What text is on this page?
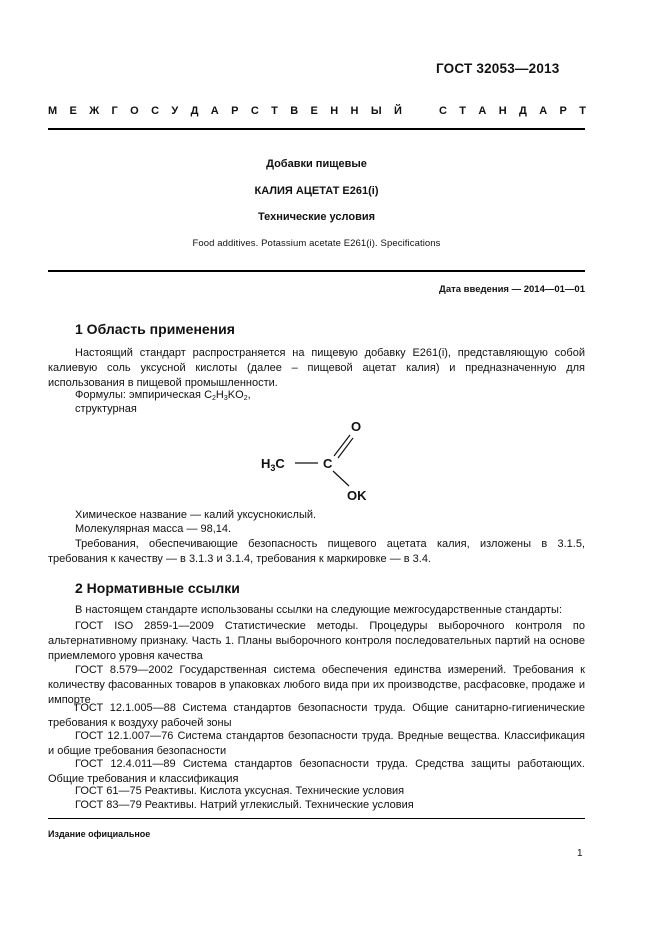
ГОСТ 32053—2013
М Е Ж Г О С У Д А Р С Т В Е Н Н Ы Й	С Т А Н Д А Р Т
Добавки пищевые
КАЛИЯ АЦЕТАТ E261(i)
Технические условия
Food additives. Potassium acetate E261(i). Specifications
Дата введения — 2014—01—01
1 Область применения
Настоящий стандарт распространяется на пищевую добавку E261(i), представляющую собой калиевую соль уксусной кислоты (далее – пищевой ацетат калия) и предназначенную для использования в пищевой промышленности.
Формулы: эмпирическая $C_2H_3KO_2$,
структурная
$H_3C$	C
O
OK
Химическое название — калий уксуснокислый.
Молекулярная масса — 98,14.
Требования, обеспечивающие безопасность пищевого ацетата калия, изложены в 3.1.5, требования к качеству — в 3.1.3 и 3.1.4, требования к маркировке — в 3.4.
2 Нормативные ссылки
В настоящем стандарте использованы ссылки на следующие межгосударственные стандарты:
ГОСТ ISO 2859-1—2009 Статистические методы. Процедуры выборочного контроля по альтернативному признаку. Часть 1. Планы выборочного контроля последовательных партий на основе приемлемого уровня качества
ГОСТ 8.579—2002 Государственная система обеспечения единства измерений. Требования к количеству фасованных товаров в упаковках любого вида при их производстве, расфасовке, продаже и импорте
ГОСТ 12.1.005—88 Система стандартов безопасности труда. Общие санитарно-гигиенические требования к воздуху рабочей зоны
ГОСТ 12.1.007—76 Система стандартов безопасности труда. Вредные вещества. Классификация и общие требования безопасности
ГОСТ 12.4.011—89 Система стандартов безопасности труда. Средства защиты работающих. Общие требования и классификация
ГОСТ 61—75 Реактивы. Кислота уксусная. Технические условия
ГОСТ 83—79 Реактивы. Натрий углекислый. Технические условия
Издание официальное
1
